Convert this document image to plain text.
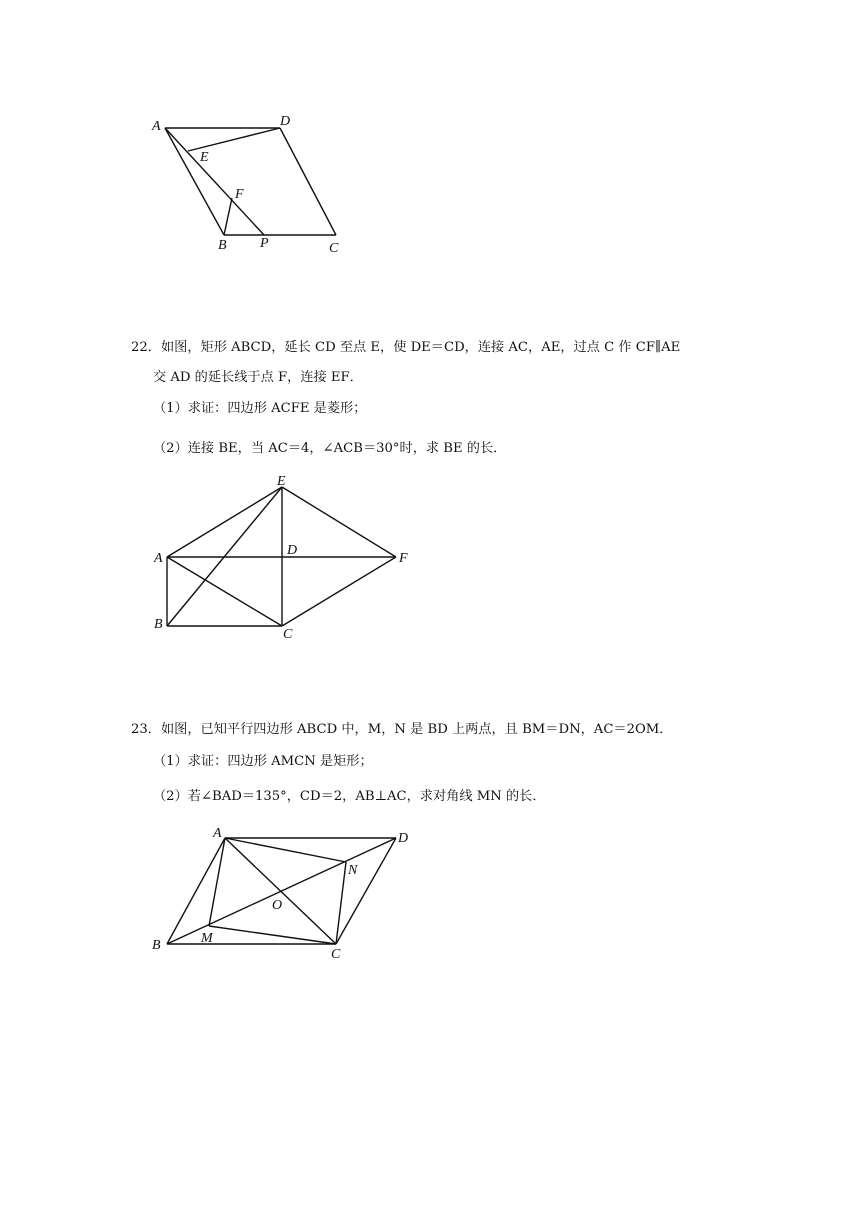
A	D
E
F
B P	C
22．如图，矩形 ABCD，延长 CD 至点 E，使 DE＝CD，连接 AC，AE，过点 C 作 CF∥AE
交 AD 的延长线于点 F，连接 EF．
（1）求证：四边形 ACFE 是菱形；
（2）连接 BE，当 AC＝4，∠ACB＝30°时，求 BE 的长．
E
A
D
F
B
C
23．如图，已知平行四边形 ABCD 中，M，N 是 BD 上两点，且 BM＝DN，AC＝2OM．
（1）求证：四边形 AMCN 是矩形；
（2）若∠BAD＝135°，CD＝2，AB⊥AC，求对角线 MN 的长．
A	D
N
O
B	M
C
